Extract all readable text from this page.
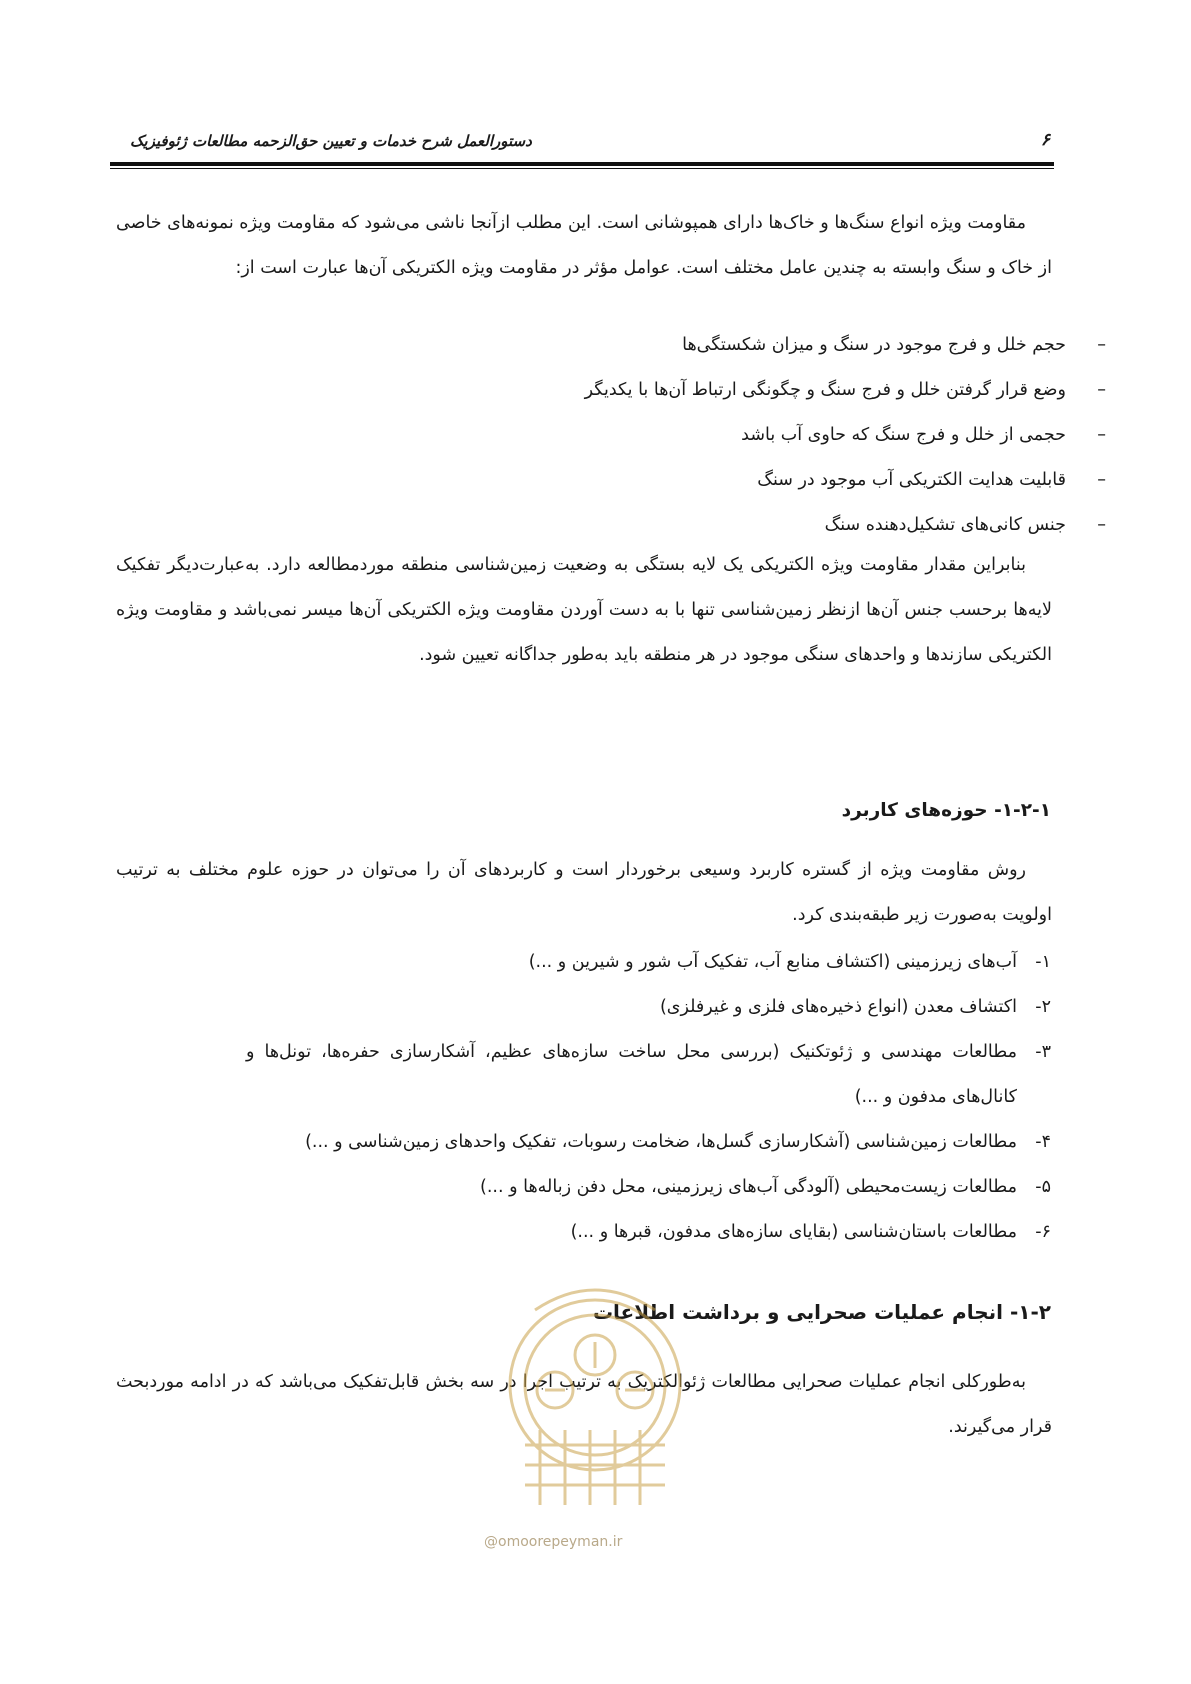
۶
دستورالعمل شرح خدمات و تعیین حق‌الزحمه مطالعات ژئوفیزیک

مقاومت ویژه انواع سنگ‌ها و خاک‌ها دارای همپوشانی است. این مطلب ازآنجا ناشی می‌شود که مقاومت ویژه نمونه‌های خاصی از خاک و سنگ وابسته به چندین عامل مختلف است. عوامل مؤثر در مقاومت ویژه الکتریکی آن‌ها عبارت است از:

–حجم خلل و فرج موجود در سنگ و میزان شکستگی‌ها
–وضع قرار گرفتن خلل و فرج سنگ و چگونگی ارتباط آن‌ها با یکدیگر
–حجمی از خلل و فرج سنگ که حاوی آب باشد
–قابلیت هدایت الکتریکی آب موجود در سنگ
–جنس کانی‌های تشکیل‌دهنده سنگ

بنابراین مقدار مقاومت ویژه الکتریکی یک لایه بستگی به وضعیت زمین‌شناسی منطقه موردمطالعه دارد. به‌عبارت‌دیگر تفکیک لایه‌ها برحسب جنس آن‌ها ازنظر زمین‌شناسی تنها با به دست آوردن مقاومت ویژه الکتریکی آن‌ها میسر نمی‌باشد و مقاومت ویژه الکتریکی سازندها و واحدهای سنگی موجود در هر منطقه باید به‌طور جداگانه تعیین شود.

۱-۲-۱- حوزه‌های کاربرد

روش مقاومت ویژه از گستره کاربرد وسیعی برخوردار است و کاربردهای آن را می‌توان در حوزه علوم مختلف به ترتیب اولویت به‌صورت زیر طبقه‌بندی کرد.

۱-
آب‌های زیرزمینی (اکتشاف منابع آب، تفکیک آب شور و شیرین و ...)
۲-
اکتشاف معدن (انواع ذخیره‌های فلزی و غیرفلزی)
۳-
مطالعات مهندسی و ژئوتکنیک (بررسی محل ساخت سازه‌های عظیم، آشکارسازی حفره‌ها، تونل‌ها و کانال‌های مدفون و ...)
۴-
مطالعات زمین‌شناسی (آشکارسازی گسل‌ها، ضخامت رسوبات، تفکیک واحدهای زمین‌شناسی و ...)
۵-
مطالعات زیست‌محیطی (آلودگی آب‌های زیرزمینی، محل دفن زباله‌ها و ...)
۶-
مطالعات باستان‌شناسی (بقایای سازه‌های مدفون، قبرها و ...)
۱-۲- انجام عملیات صحرایی و برداشت اطلاعات

به‌طورکلی انجام عملیات صحرایی مطالعات ژئوالکتریک به ترتیب اجرا در سه بخش قابل‌تفکیک می‌باشد که در ادامه موردبحث قرار می‌گیرند.

@omoorepeyman.ir
